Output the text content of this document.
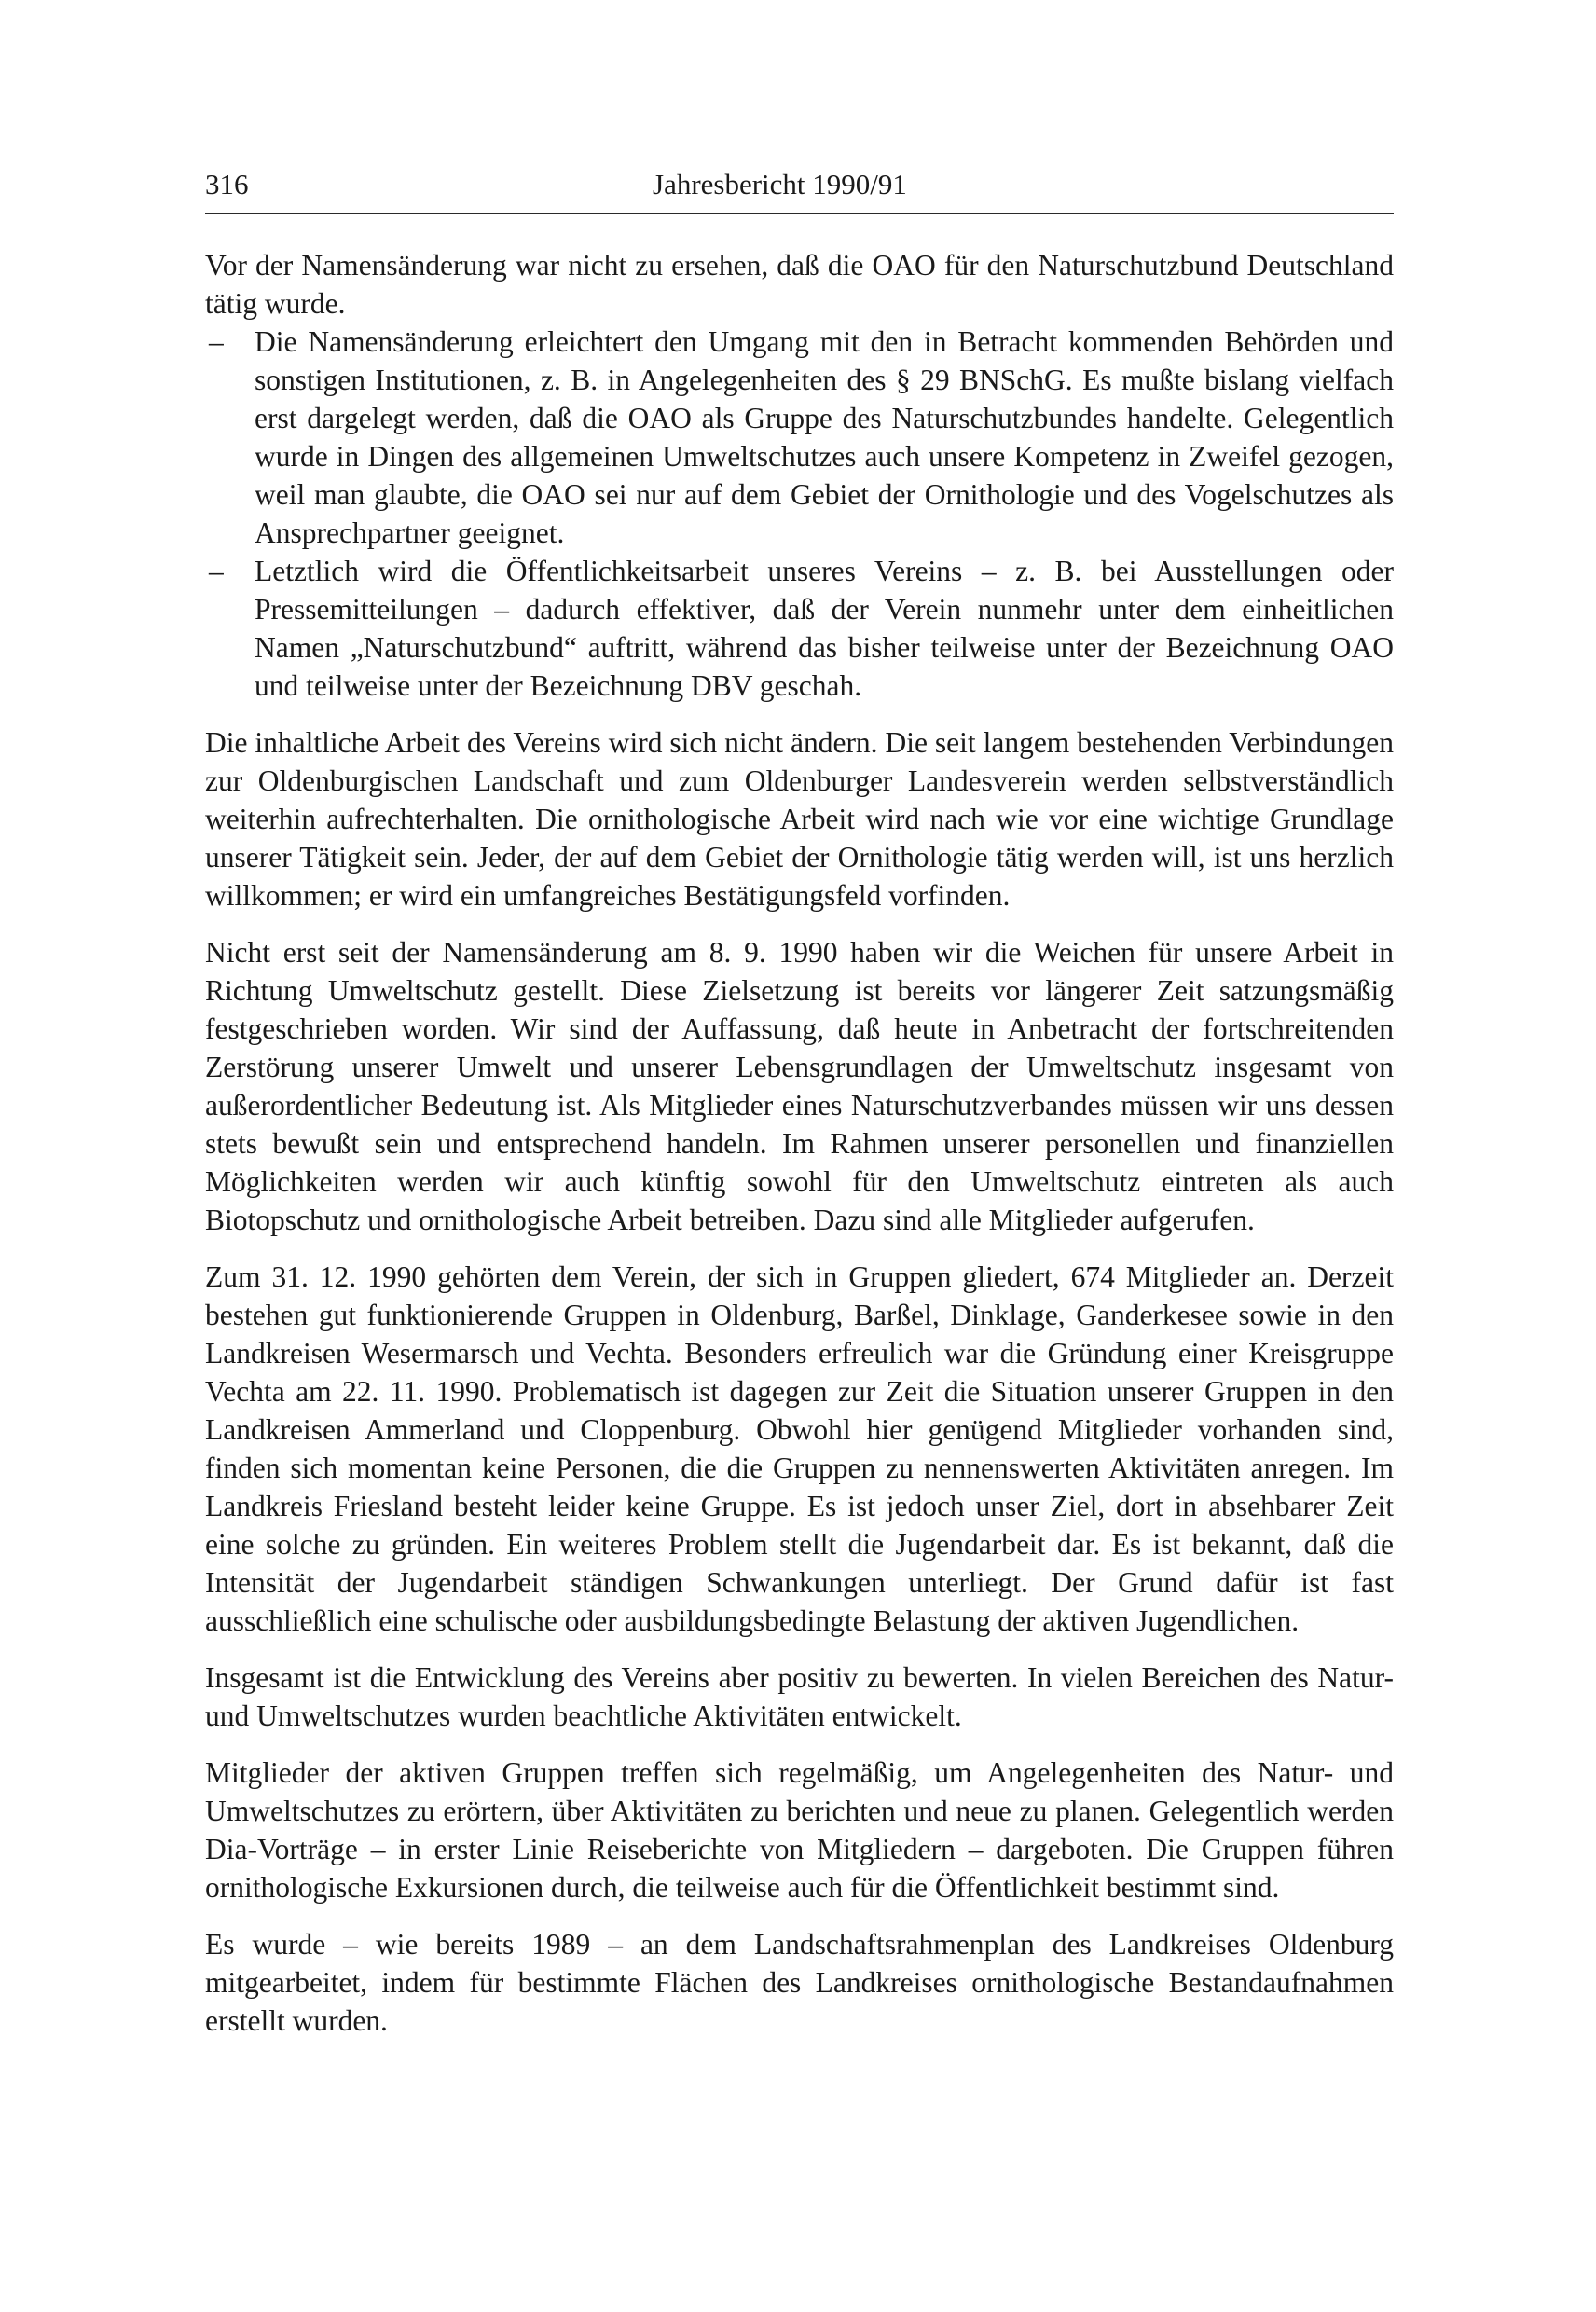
316	Jahresbericht 1990/91

Vor der Namensänderung war nicht zu ersehen, daß die OAO für den Naturschutzbund Deutschland tätig wurde.

– Die Namensänderung erleichtert den Umgang mit den in Betracht kommenden Behörden und sonstigen Institutionen, z. B. in Angelegenheiten des § 29 BNSchG. Es mußte bislang vielfach erst dargelegt werden, daß die OAO als Gruppe des Naturschutzbundes handelte. Gelegentlich wurde in Dingen des allgemeinen Umweltschutzes auch unsere Kompetenz in Zweifel gezogen, weil man glaubte, die OAO sei nur auf dem Gebiet der Ornithologie und des Vogelschutzes als Ansprechpartner geeignet.
– Letztlich wird die Öffentlichkeitsarbeit unseres Vereins – z. B. bei Ausstellungen oder Pressemitteilungen – dadurch effektiver, daß der Verein nunmehr unter dem einheitlichen Namen „Naturschutzbund“ auftritt, während das bisher teilweise unter der Bezeichnung OAO und teilweise unter der Bezeichnung DBV geschah.

Die inhaltliche Arbeit des Vereins wird sich nicht ändern. Die seit langem bestehenden Verbindungen zur Oldenburgischen Landschaft und zum Oldenburger Landesverein werden selbstverständlich weiterhin aufrechterhalten. Die ornithologische Arbeit wird nach wie vor eine wichtige Grundlage unserer Tätigkeit sein. Jeder, der auf dem Gebiet der Ornithologie tätig werden will, ist uns herzlich willkommen; er wird ein umfangreiches Bestätigungsfeld vorfinden.

Nicht erst seit der Namensänderung am 8. 9. 1990 haben wir die Weichen für unsere Arbeit in Richtung Umweltschutz gestellt. Diese Zielsetzung ist bereits vor längerer Zeit satzungsmäßig festgeschrieben worden. Wir sind der Auffassung, daß heute in Anbetracht der fortschreitenden Zerstörung unserer Umwelt und unserer Lebensgrundlagen der Umweltschutz insgesamt von außerordentlicher Bedeutung ist. Als Mitglieder eines Naturschutzverbandes müssen wir uns dessen stets bewußt sein und entsprechend handeln. Im Rahmen unserer personellen und finanziellen Möglichkeiten werden wir auch künftig sowohl für den Umweltschutz eintreten als auch Biotopschutz und ornithologische Arbeit betreiben. Dazu sind alle Mitglieder aufgerufen.

Zum 31. 12. 1990 gehörten dem Verein, der sich in Gruppen gliedert, 674 Mitglieder an. Derzeit bestehen gut funktionierende Gruppen in Oldenburg, Barßel, Dinklage, Ganderkesee sowie in den Landkreisen Wesermarsch und Vechta. Besonders erfreulich war die Gründung einer Kreisgruppe Vechta am 22. 11. 1990. Problematisch ist dagegen zur Zeit die Situation unserer Gruppen in den Landkreisen Ammerland und Cloppenburg. Obwohl hier genügend Mitglieder vorhanden sind, finden sich momentan keine Personen, die die Gruppen zu nennenswerten Aktivitäten anregen. Im Landkreis Friesland besteht leider keine Gruppe. Es ist jedoch unser Ziel, dort in absehbarer Zeit eine solche zu gründen. Ein weiteres Problem stellt die Jugendarbeit dar. Es ist bekannt, daß die Intensität der Jugendarbeit ständigen Schwankungen unterliegt. Der Grund dafür ist fast ausschließlich eine schulische oder ausbildungsbedingte Belastung der aktiven Jugendlichen.

Insgesamt ist die Entwicklung des Vereins aber positiv zu bewerten. In vielen Bereichen des Natur- und Umweltschutzes wurden beachtliche Aktivitäten entwickelt.

Mitglieder der aktiven Gruppen treffen sich regelmäßig, um Angelegenheiten des Natur- und Umweltschutzes zu erörtern, über Aktivitäten zu berichten und neue zu planen. Gelegentlich werden Dia-Vorträge – in erster Linie Reiseberichte von Mitgliedern – dargeboten. Die Gruppen führen ornithologische Exkursionen durch, die teilweise auch für die Öffentlichkeit bestimmt sind.

Es wurde – wie bereits 1989 – an dem Landschaftsrahmenplan des Landkreises Oldenburg mitgearbeitet, indem für bestimmte Flächen des Landkreises ornithologische Bestandaufnahmen erstellt wurden.
